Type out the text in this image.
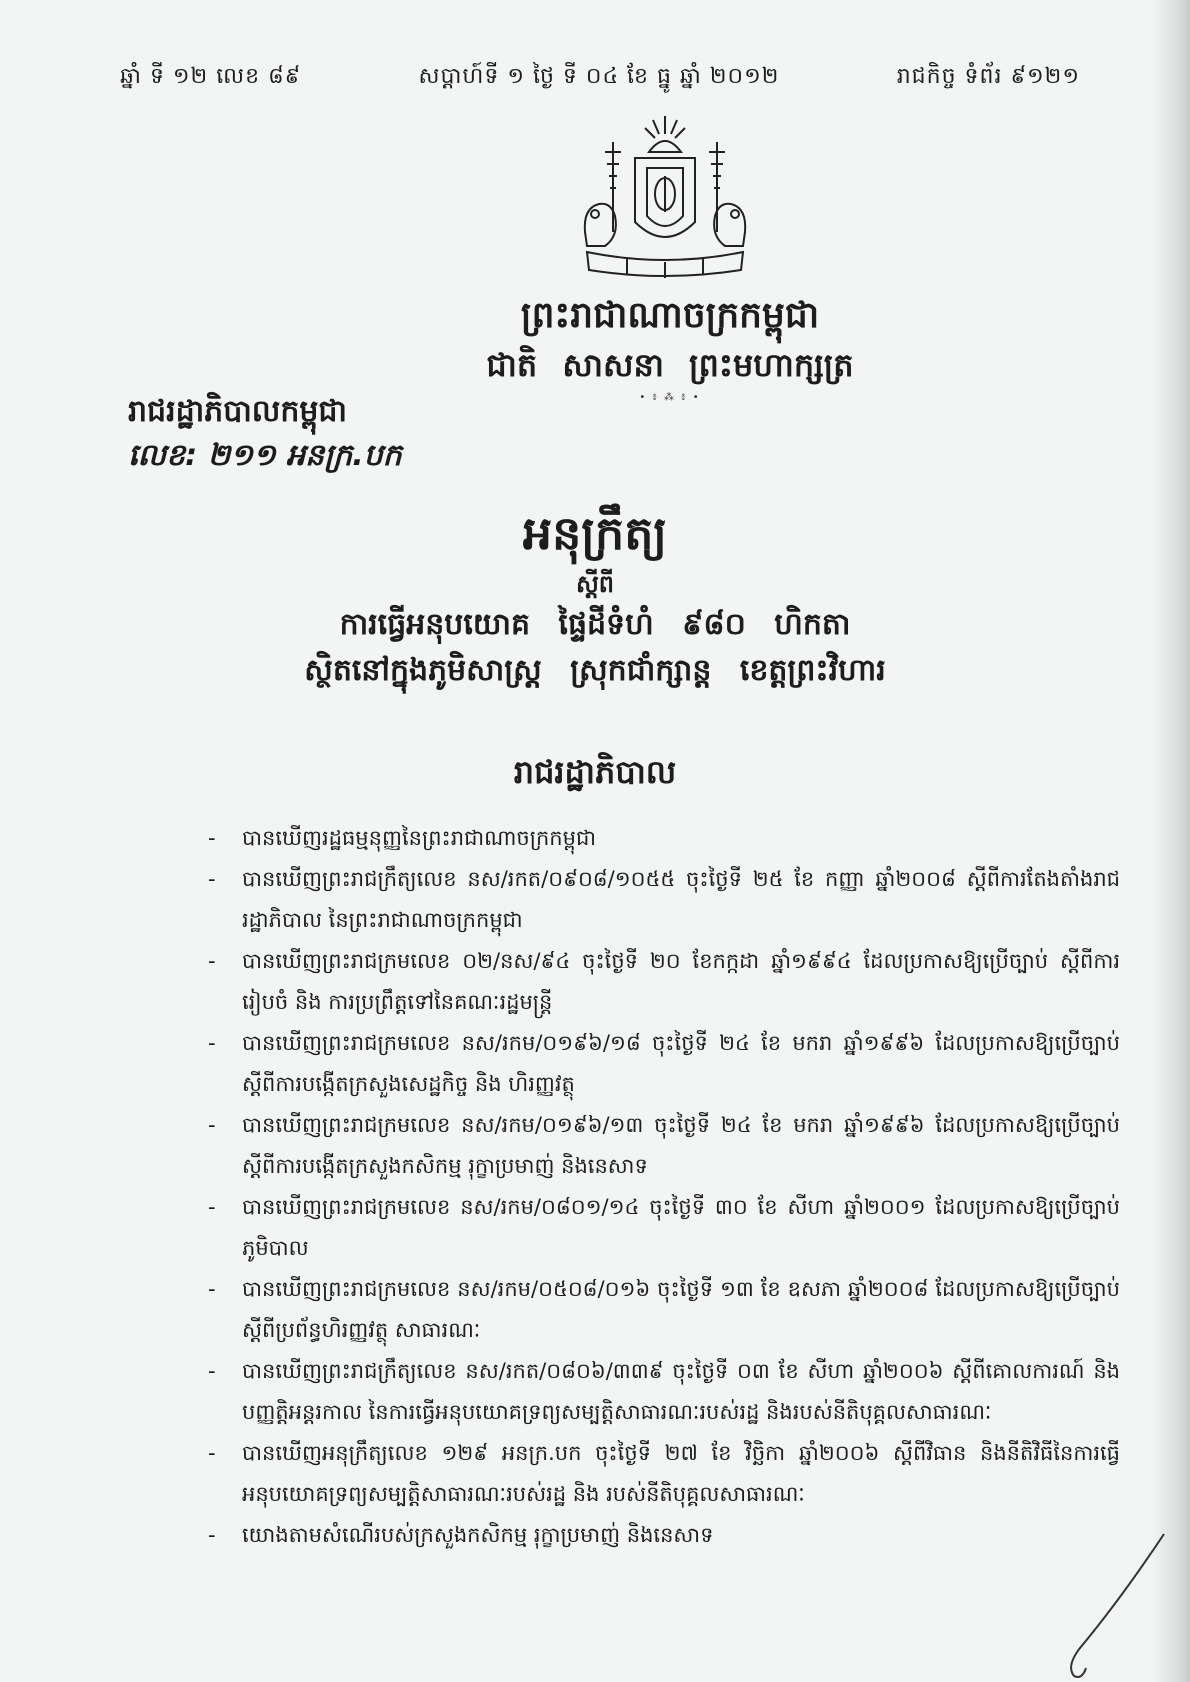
ឆ្នាំ ទី ១២ លេខ ៨៩	សប្តាហ៍ទី ១ ថ្ងៃ ទី ០៤ ខែ ធ្នូ ឆ្នាំ ២០១២	រាជកិច្ច ទំព័រ ៩១២១
ព្រះរាជាណាចក្រកម្ពុជា
ជាតិ សាសនា ព្រះមហាក្សត្រ
• ៖ ⁂ ៖ •
រាជរដ្ឋាភិបាលកម្ពុជា
លេខ: ២១១ អនក្រ.បក
អនុក្រឹត្យ
ស្តីពី
ការធ្វើអនុបយោគ ផ្ទៃដីទំហំ ៩៨០ ហិកតា
ស្ថិតនៅក្នុងភូមិសាស្ត្រ ស្រុកជាំក្សាន្ត ខេត្តព្រះវិហារ
រាជរដ្ឋាភិបាល
- បានឃើញរដ្ឋធម្មនុញ្ញនៃព្រះរាជាណាចក្រកម្ពុជា
- បានឃើញព្រះរាជក្រឹត្យលេខ នស/រកត/០៩០៨/១០៥៥ ចុះថ្ងៃទី ២៥ ខែ កញ្ញា ឆ្នាំ២០០៨ ស្តីពីការតែងតាំងរាជរដ្ឋាភិបាល នៃព្រះរាជាណាចក្រកម្ពុជា
- បានឃើញព្រះរាជក្រមលេខ ០២/នស/៩៤ ចុះថ្ងៃទី ២០ ខែកក្កដា ឆ្នាំ១៩៩៤ ដែលប្រកាសឱ្យប្រើច្បាប់ ស្តីពីការរៀបចំ និង ការប្រព្រឹត្តទៅនៃគណៈរដ្ឋមន្ត្រី
- បានឃើញព្រះរាជក្រមលេខ នស/រកម/០១៩៦/១៨ ចុះថ្ងៃទី ២៤ ខែ មករា ឆ្នាំ១៩៩៦ ដែលប្រកាសឱ្យប្រើច្បាប់ស្តីពីការបង្កើតក្រសួងសេដ្ឋកិច្ច និង ហិរញ្ញវត្ថុ
- បានឃើញព្រះរាជក្រមលេខ នស/រកម/០១៩៦/១៣ ចុះថ្ងៃទី ២៤ ខែ មករា ឆ្នាំ១៩៩៦ ដែលប្រកាសឱ្យប្រើច្បាប់ស្តីពីការបង្កើតក្រសួងកសិកម្ម រុក្ខាប្រមាញ់ និងនេសាទ
- បានឃើញព្រះរាជក្រមលេខ នស/រកម/០៨០១/១៤ ចុះថ្ងៃទី ៣០ ខែ សីហា ឆ្នាំ២០០១ ដែលប្រកាសឱ្យប្រើច្បាប់ភូមិបាល
- បានឃើញព្រះរាជក្រមលេខ នស/រកម/០៥០៨/០១៦ ចុះថ្ងៃទី ១៣ ខែ ឧសភា ឆ្នាំ២០០៨ ដែលប្រកាសឱ្យប្រើច្បាប់ស្តីពីប្រព័ន្ធហិរញ្ញវត្ថុ សាធារណៈ
- បានឃើញព្រះរាជក្រឹត្យលេខ នស/រកត/០៨០៦/៣៣៩ ចុះថ្ងៃទី ០៣ ខែ សីហា ឆ្នាំ២០០៦ ស្តីពីគោលការណ៍ និង បញ្ញត្តិអន្តរកាល នៃការធ្វើអនុបយោគទ្រព្យសម្បត្តិសាធារណៈរបស់រដ្ឋ និងរបស់នីតិបុគ្គលសាធារណៈ
- បានឃើញអនុក្រឹត្យលេខ ១២៩ អនក្រ.បក ចុះថ្ងៃទី ២៧ ខែ វិច្ឆិកា ឆ្នាំ២០០៦ ស្តីពីវិធាន និងនីតិវិធីនៃការធ្វើអនុបយោគទ្រព្យសម្បត្តិសាធារណៈរបស់រដ្ឋ និង របស់នីតិបុគ្គលសាធារណៈ
- យោងតាមសំណើរបស់ក្រសួងកសិកម្ម រុក្ខាប្រមាញ់ និងនេសាទ
